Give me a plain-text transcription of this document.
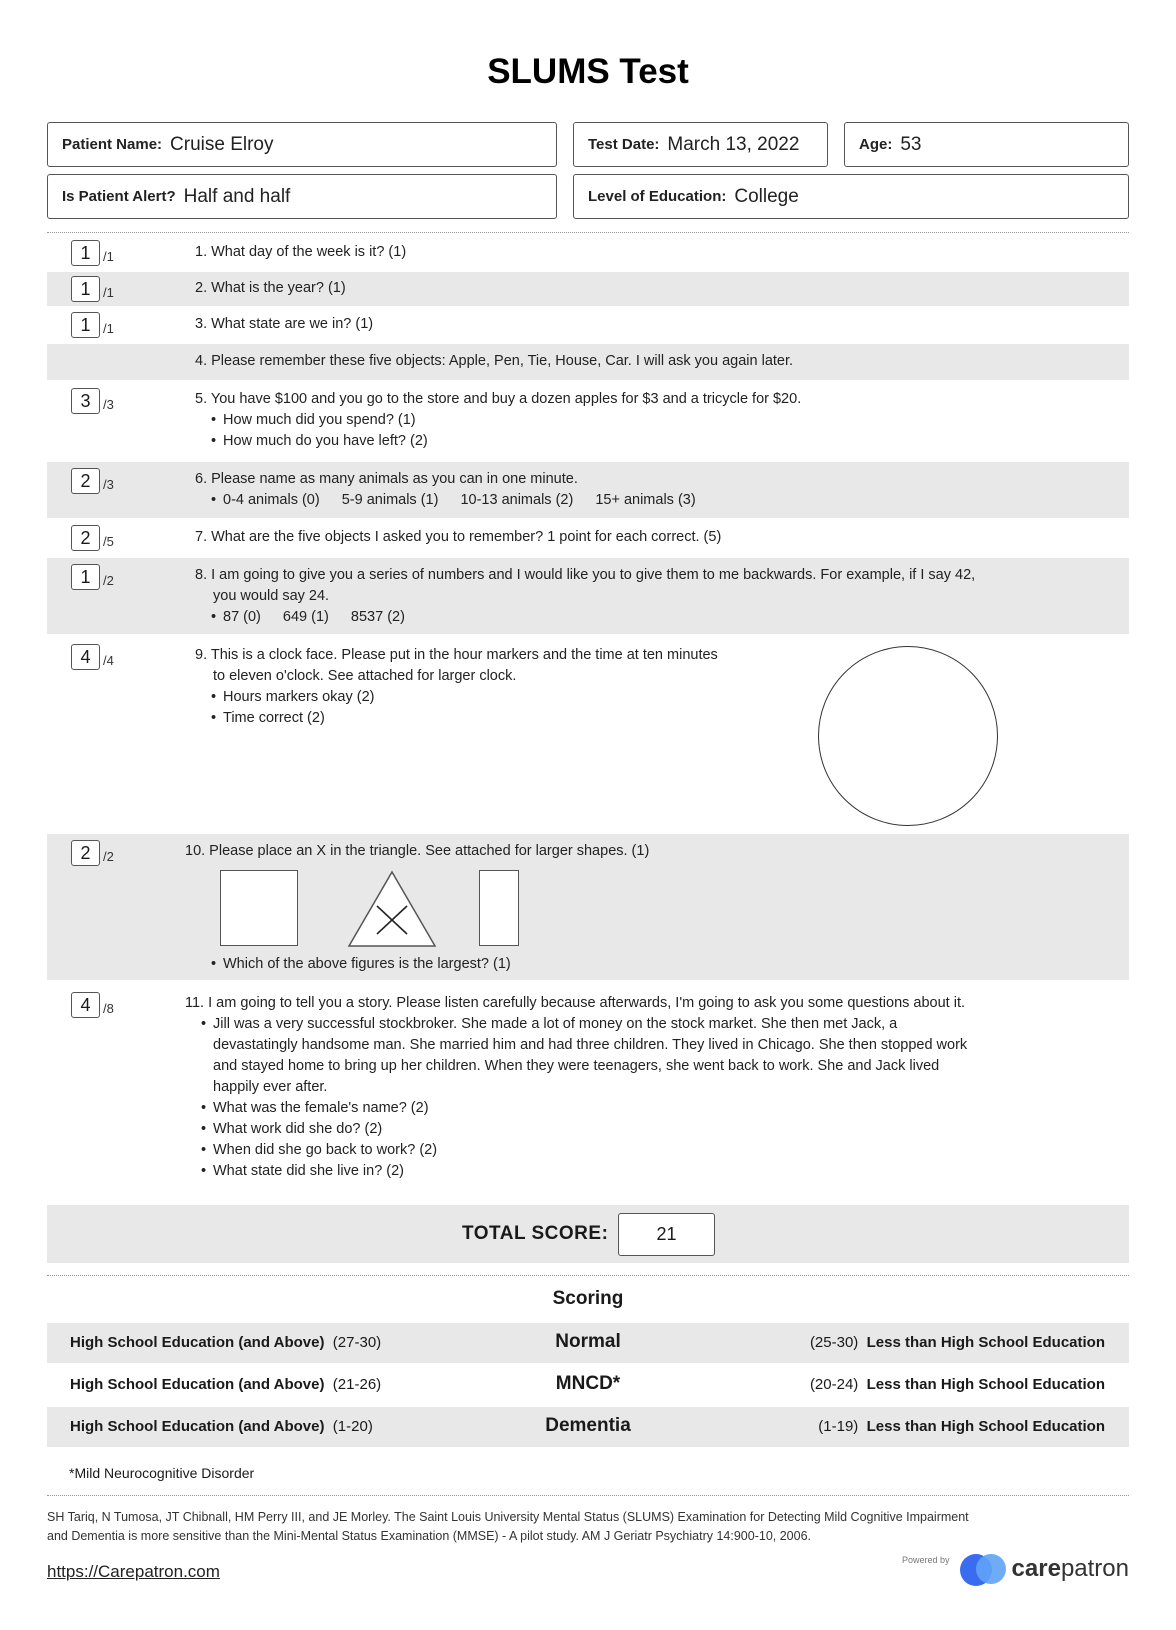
SLUMS Test
Patient Name: Cruise Elroy	Test Date: March 13, 2022	Age: 53
Is Patient Alert? Half and half	Level of Education: College
1 /1	1. What day of the week is it? (1)
1 /1	2. What is the year? (1)
1 /1	3. What state are we in? (1)
4. Please remember these five objects: Apple, Pen, Tie, House, Car. I will ask you again later.
3 /3	5. You have $100 and you go to the store and buy a dozen apples for $3 and a tricycle for $20.
• How much did you spend? (1)
• How much do you have left? (2)
2 /3	6. Please name as many animals as you can in one minute.
• 0-4 animals (0) 5-9 animals (1) 10-13 animals (2) 15+ animals (3)
2 /5	7. What are the five objects I asked you to remember? 1 point for each correct. (5)
1 /2	8. I am going to give you a series of numbers and I would like you to give them to me backwards. For example, if I say 42,
you would say 24.
• 87 (0) 649 (1) 8537 (2)
4 /4	9. This is a clock face. Please put in the hour markers and the time at ten minutes
to eleven o'clock. See attached for larger clock.
• Hours markers okay (2)
• Time correct (2)
2 /2	10. Please place an X in the triangle. See attached for larger shapes. (1)
• Which of the above figures is the largest? (1)
4 /8	11. I am going to tell you a story. Please listen carefully because afterwards, I'm going to ask you some questions about it.
• Jill was a very successful stockbroker. She made a lot of money on the stock market. She then met Jack, a
devastatingly handsome man. She married him and had three children. They lived in Chicago. She then stopped work
and stayed home to bring up her children. When they were teenagers, she went back to work. She and Jack lived
happily ever after.
• What was the female's name? (2)
• What work did she do? (2)
• When did she go back to work? (2)
• What state did she live in? (2)
TOTAL SCORE:	21
Scoring
High School Education (and Above) (27-30)	Normal	(25-30) Less than High School Education
High School Education (and Above) (21-26)	MNCD*	(20-24) Less than High School Education
High School Education (and Above) (1-20)	Dementia	(1-19) Less than High School Education
*Mild Neurocognitive Disorder
SH Tariq, N Tumosa, JT Chibnall, HM Perry III, and JE Morley. The Saint Louis University Mental Status (SLUMS) Examination for Detecting Mild Cognitive Impairment
and Dementia is more sensitive than the Mini-Mental Status Examination (MMSE) - A pilot study. AM J Geriatr Psychiatry 14:900-10, 2006.
https://Carepatron.com
Powered by	carepatron
